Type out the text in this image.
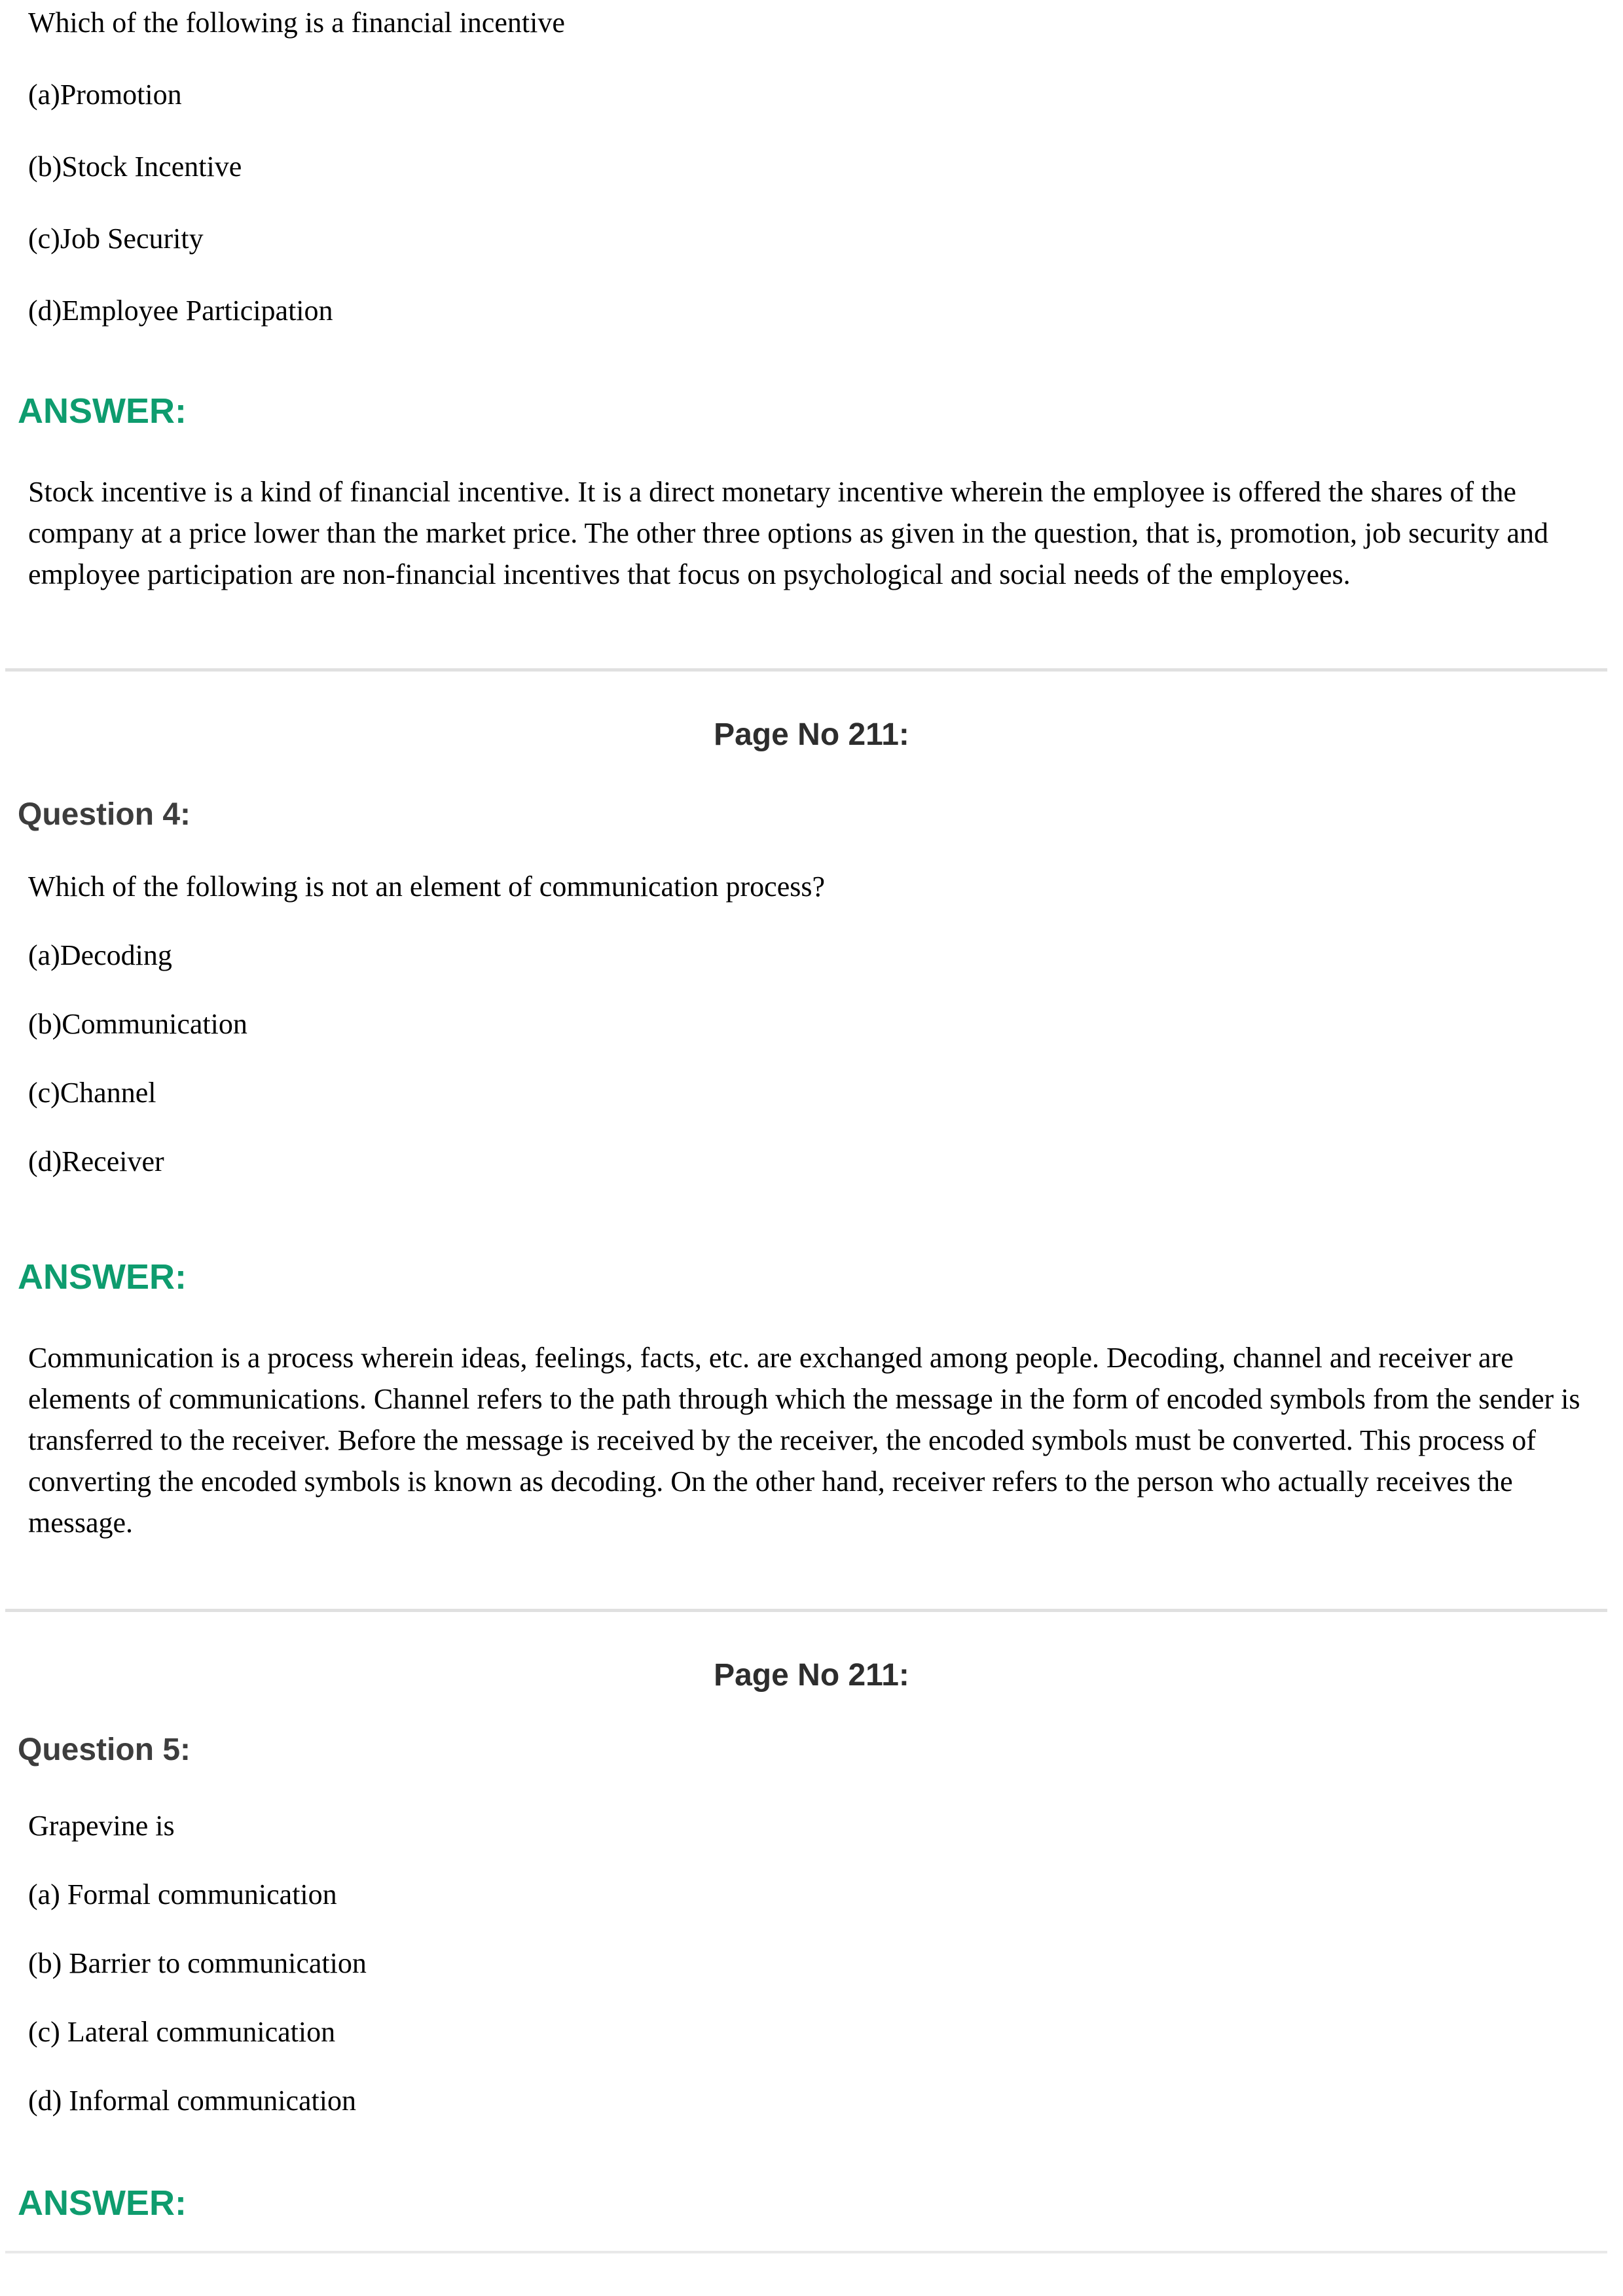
Which of the following is a financial incentive

(a)Promotion

(b)Stock Incentive

(c)Job Security

(d)Employee Participation

ANSWER:

Stock incentive is a kind of financial incentive. It is a direct monetary incentive wherein the employee is offered the shares of the company at a price lower than the market price. The other three options as given in the question, that is, promotion, job security and employee participation are non-financial incentives that focus on psychological and social needs of the employees.

Page No 211:

Question 4:

Which of the following is not an element of communication process?

(a)Decoding

(b)Communication

(c)Channel

(d)Receiver

ANSWER:

Communication is a process wherein ideas, feelings, facts, etc. are exchanged among people. Decoding, channel and receiver are elements of communications. Channel refers to the path through which the message in the form of encoded symbols from the sender is transferred to the receiver. Before the message is received by the receiver, the encoded symbols must be converted. This process of converting the encoded symbols is known as decoding. On the other hand, receiver refers to the person who actually receives the message.

Page No 211:

Question 5:

Grapevine is

(a) Formal communication

(b) Barrier to communication

(c) Lateral communication

(d) Informal communication

ANSWER:
